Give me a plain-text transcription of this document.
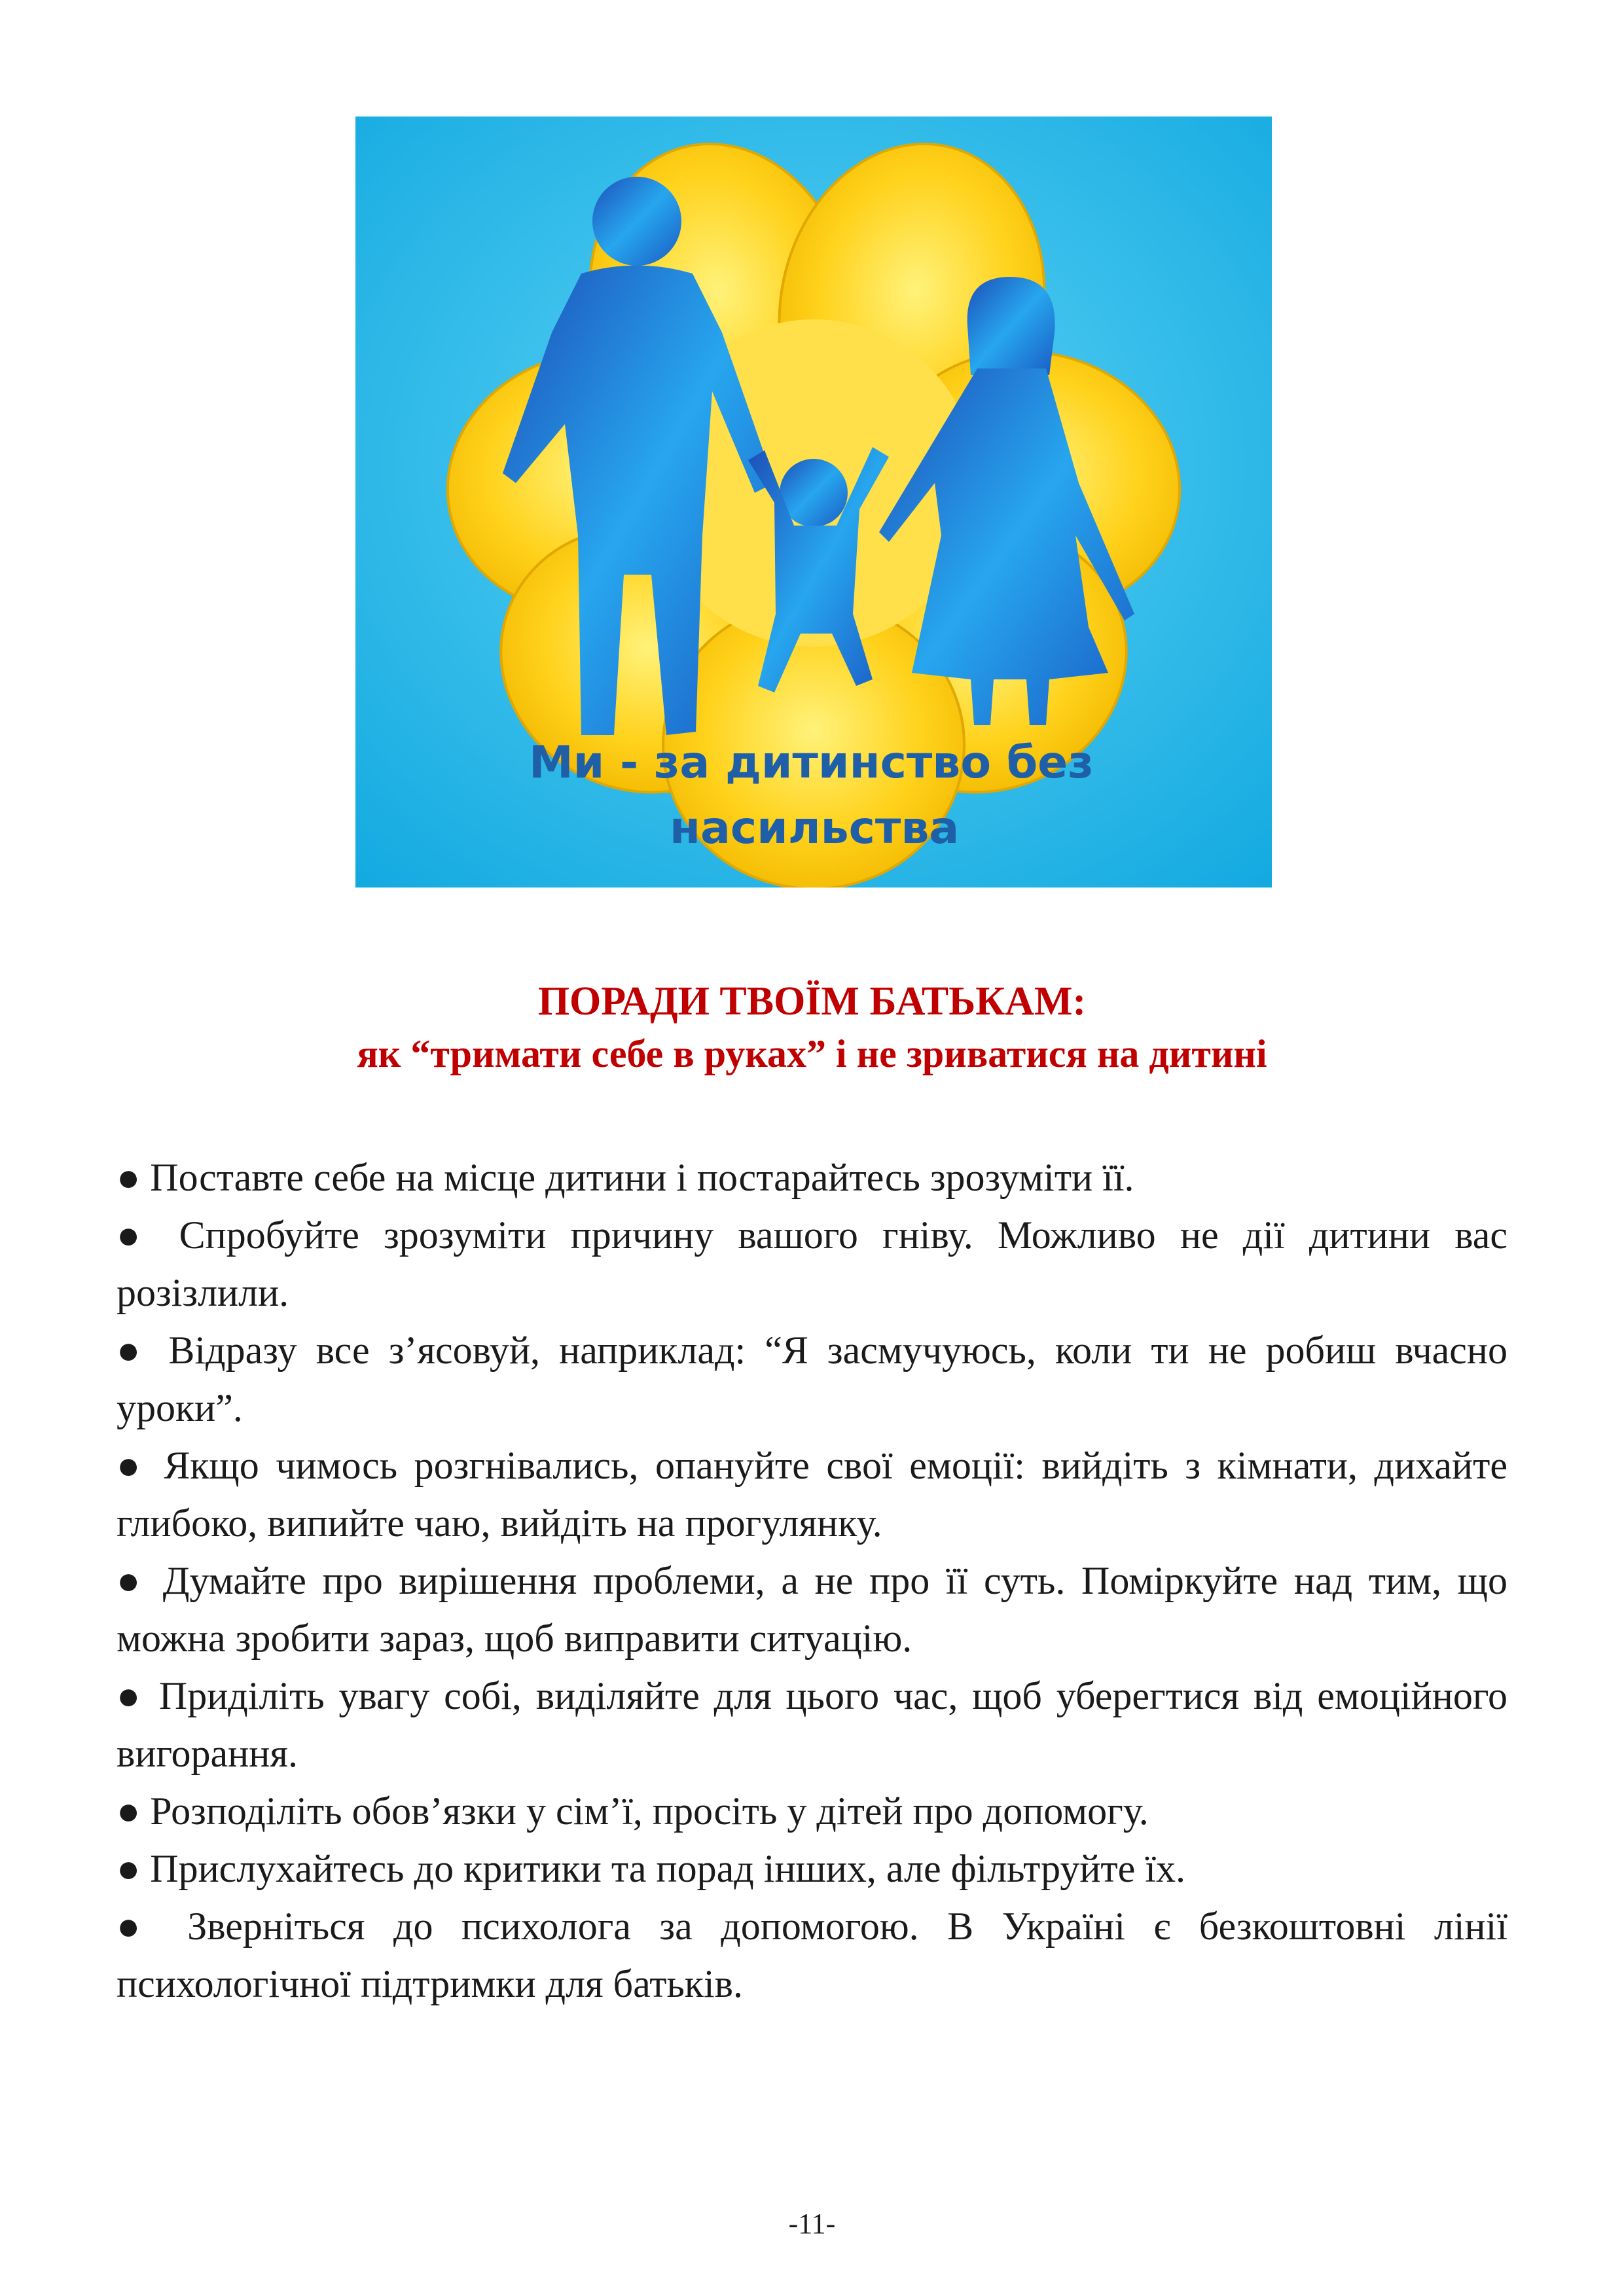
Ми - за дитинство без
насильства

ПОРАДИ ТВОЇМ БАТЬКАМ:

як “тримати себе в руках” і не зриватися на дитині

● Поставте себе на місце дитини і постарайтесь зрозуміти її.
● Спробуйте зрозуміти причину вашого гніву. Можливо не дії дитини вас розізлили.
● Відразу все з’ясовуй, наприклад: “Я засмучуюсь, коли ти не робиш вчасно уроки”.
● Якщо чимось розгнівались, опануйте свої емоції: вийдіть з кімнати, дихайте глибоко, випийте чаю, вийдіть на прогулянку.
● Думайте про вирішення проблеми, а не про її суть. Поміркуйте над тим, що можна зробити зараз, щоб виправити ситуацію.
● Приділіть увагу собі, виділяйте для цього час, щоб уберегтися від емоційного вигорання.
● Розподіліть обов’язки у сім’ї, просіть у дітей про допомогу.
● Прислухайтесь до критики та порад інших, але фільтруйте їх.
● Зверніться до психолога за допомогою. В Україні є безкоштовні лінії психологічної підтримки для батьків.
-11-
